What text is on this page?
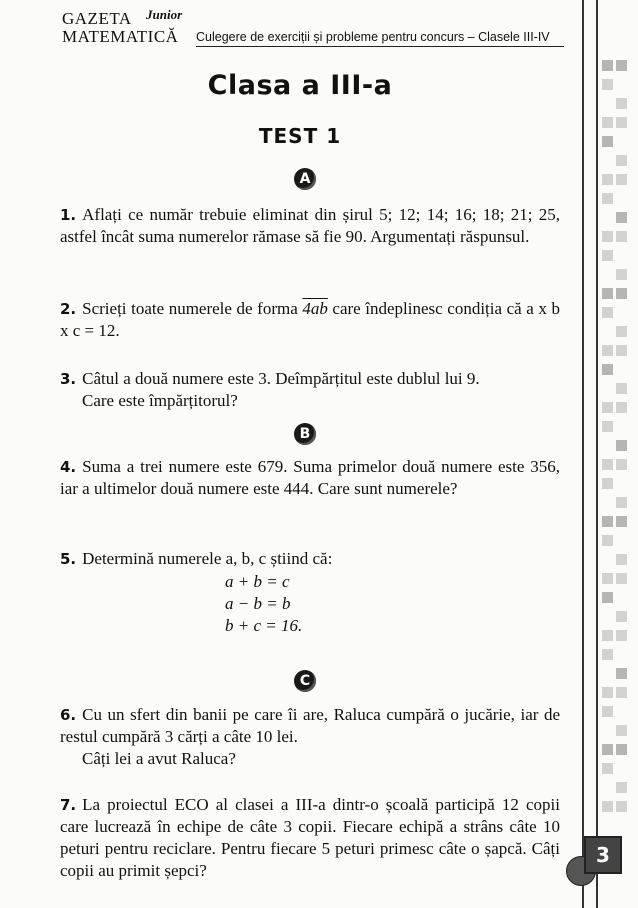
GAZETA Junior
MATEMATICĂ Culegere de exerciții și probleme pentru concurs – Clasele III-IV
Clasa a III-a
TEST 1
A
1. Aflați ce număr trebuie eliminat din șirul 5; 12; 14; 16; 18; 21; 25, astfel încât suma numerelor rămase să fie 90. Argumentați răspunsul.
2. Scrieți toate numerele de forma 4ab care îndeplinesc condiția că a x b x c = 12.
3. Câtul a două numere este 3. Deîmpărțitul este dublul lui 9.
Care este împărțitorul?
B
4. Suma a trei numere este 679. Suma primelor două numere este 356, iar a ultimelor două numere este 444. Care sunt numerele?
5. Determină numerele a, b, c știind că:
a + b = c
a − b = b
b + c = 16.
C
6. Cu un sfert din banii pe care îi are, Raluca cumpără o jucărie, iar de restul cumpără 3 cărți a câte 10 lei.
Câți lei a avut Raluca?
7. La proiectul ECO al clasei a III-a dintr-o școală participă 12 copii care lucrează în echipe de câte 3 copii. Fiecare echipă a strâns câte 10 peturi pentru reciclare. Pentru fiecare 5 peturi primesc câte o șapcă. Câți copii au primit șepci?
3
